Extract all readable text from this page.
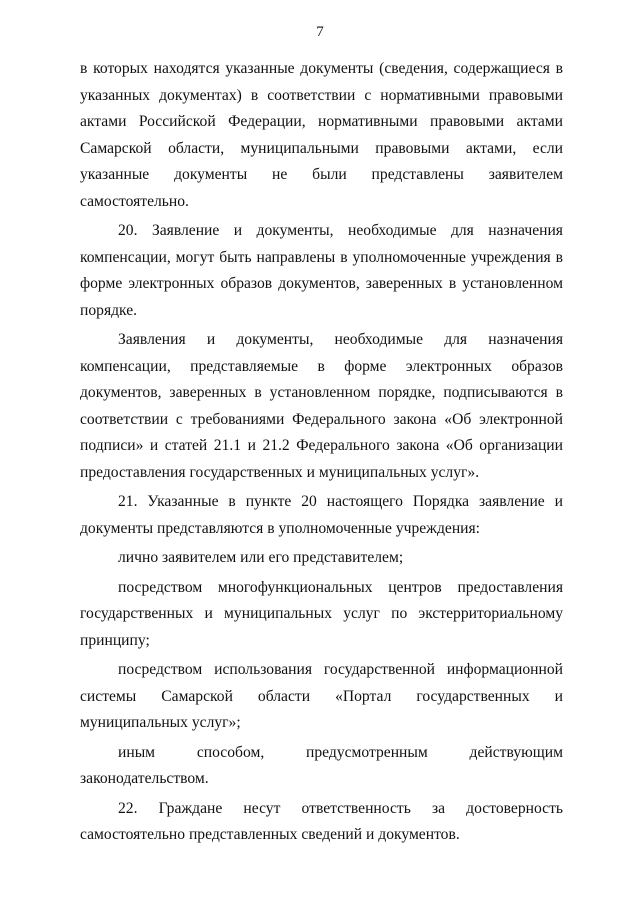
7

в которых находятся указанные документы (сведения, содержащиеся в указанных документах) в соответствии с нормативными правовыми актами Российской Федерации, нормативными правовыми актами Самарской области, муниципальными правовыми актами, если указанные документы не были представлены заявителем самостоятельно.

20. Заявление и документы, необходимые для назначения компенсации, могут быть направлены в уполномоченные учреждения в форме электронных образов документов, заверенных в установленном порядке.

Заявления и документы, необходимые для назначения компенсации, представляемые в форме электронных образов документов, заверенных в установленном порядке, подписываются в соответствии с требованиями Федерального закона «Об электронной подписи» и статей 21.1 и 21.2 Федерального закона «Об организации предоставления государственных и муниципальных услуг».

21. Указанные в пункте 20 настоящего Порядка заявление и документы представляются в уполномоченные учреждения:

лично заявителем или его представителем;

посредством многофункциональных центров предоставления государственных и муниципальных услуг по экстерриториальному принципу;

посредством использования государственной информационной системы Самарской области «Портал государственных и муниципальных услуг»;

иным способом, предусмотренным действующим

законодательством.

22. Граждане несут ответственность за достоверность самостоятельно представленных сведений и документов.
